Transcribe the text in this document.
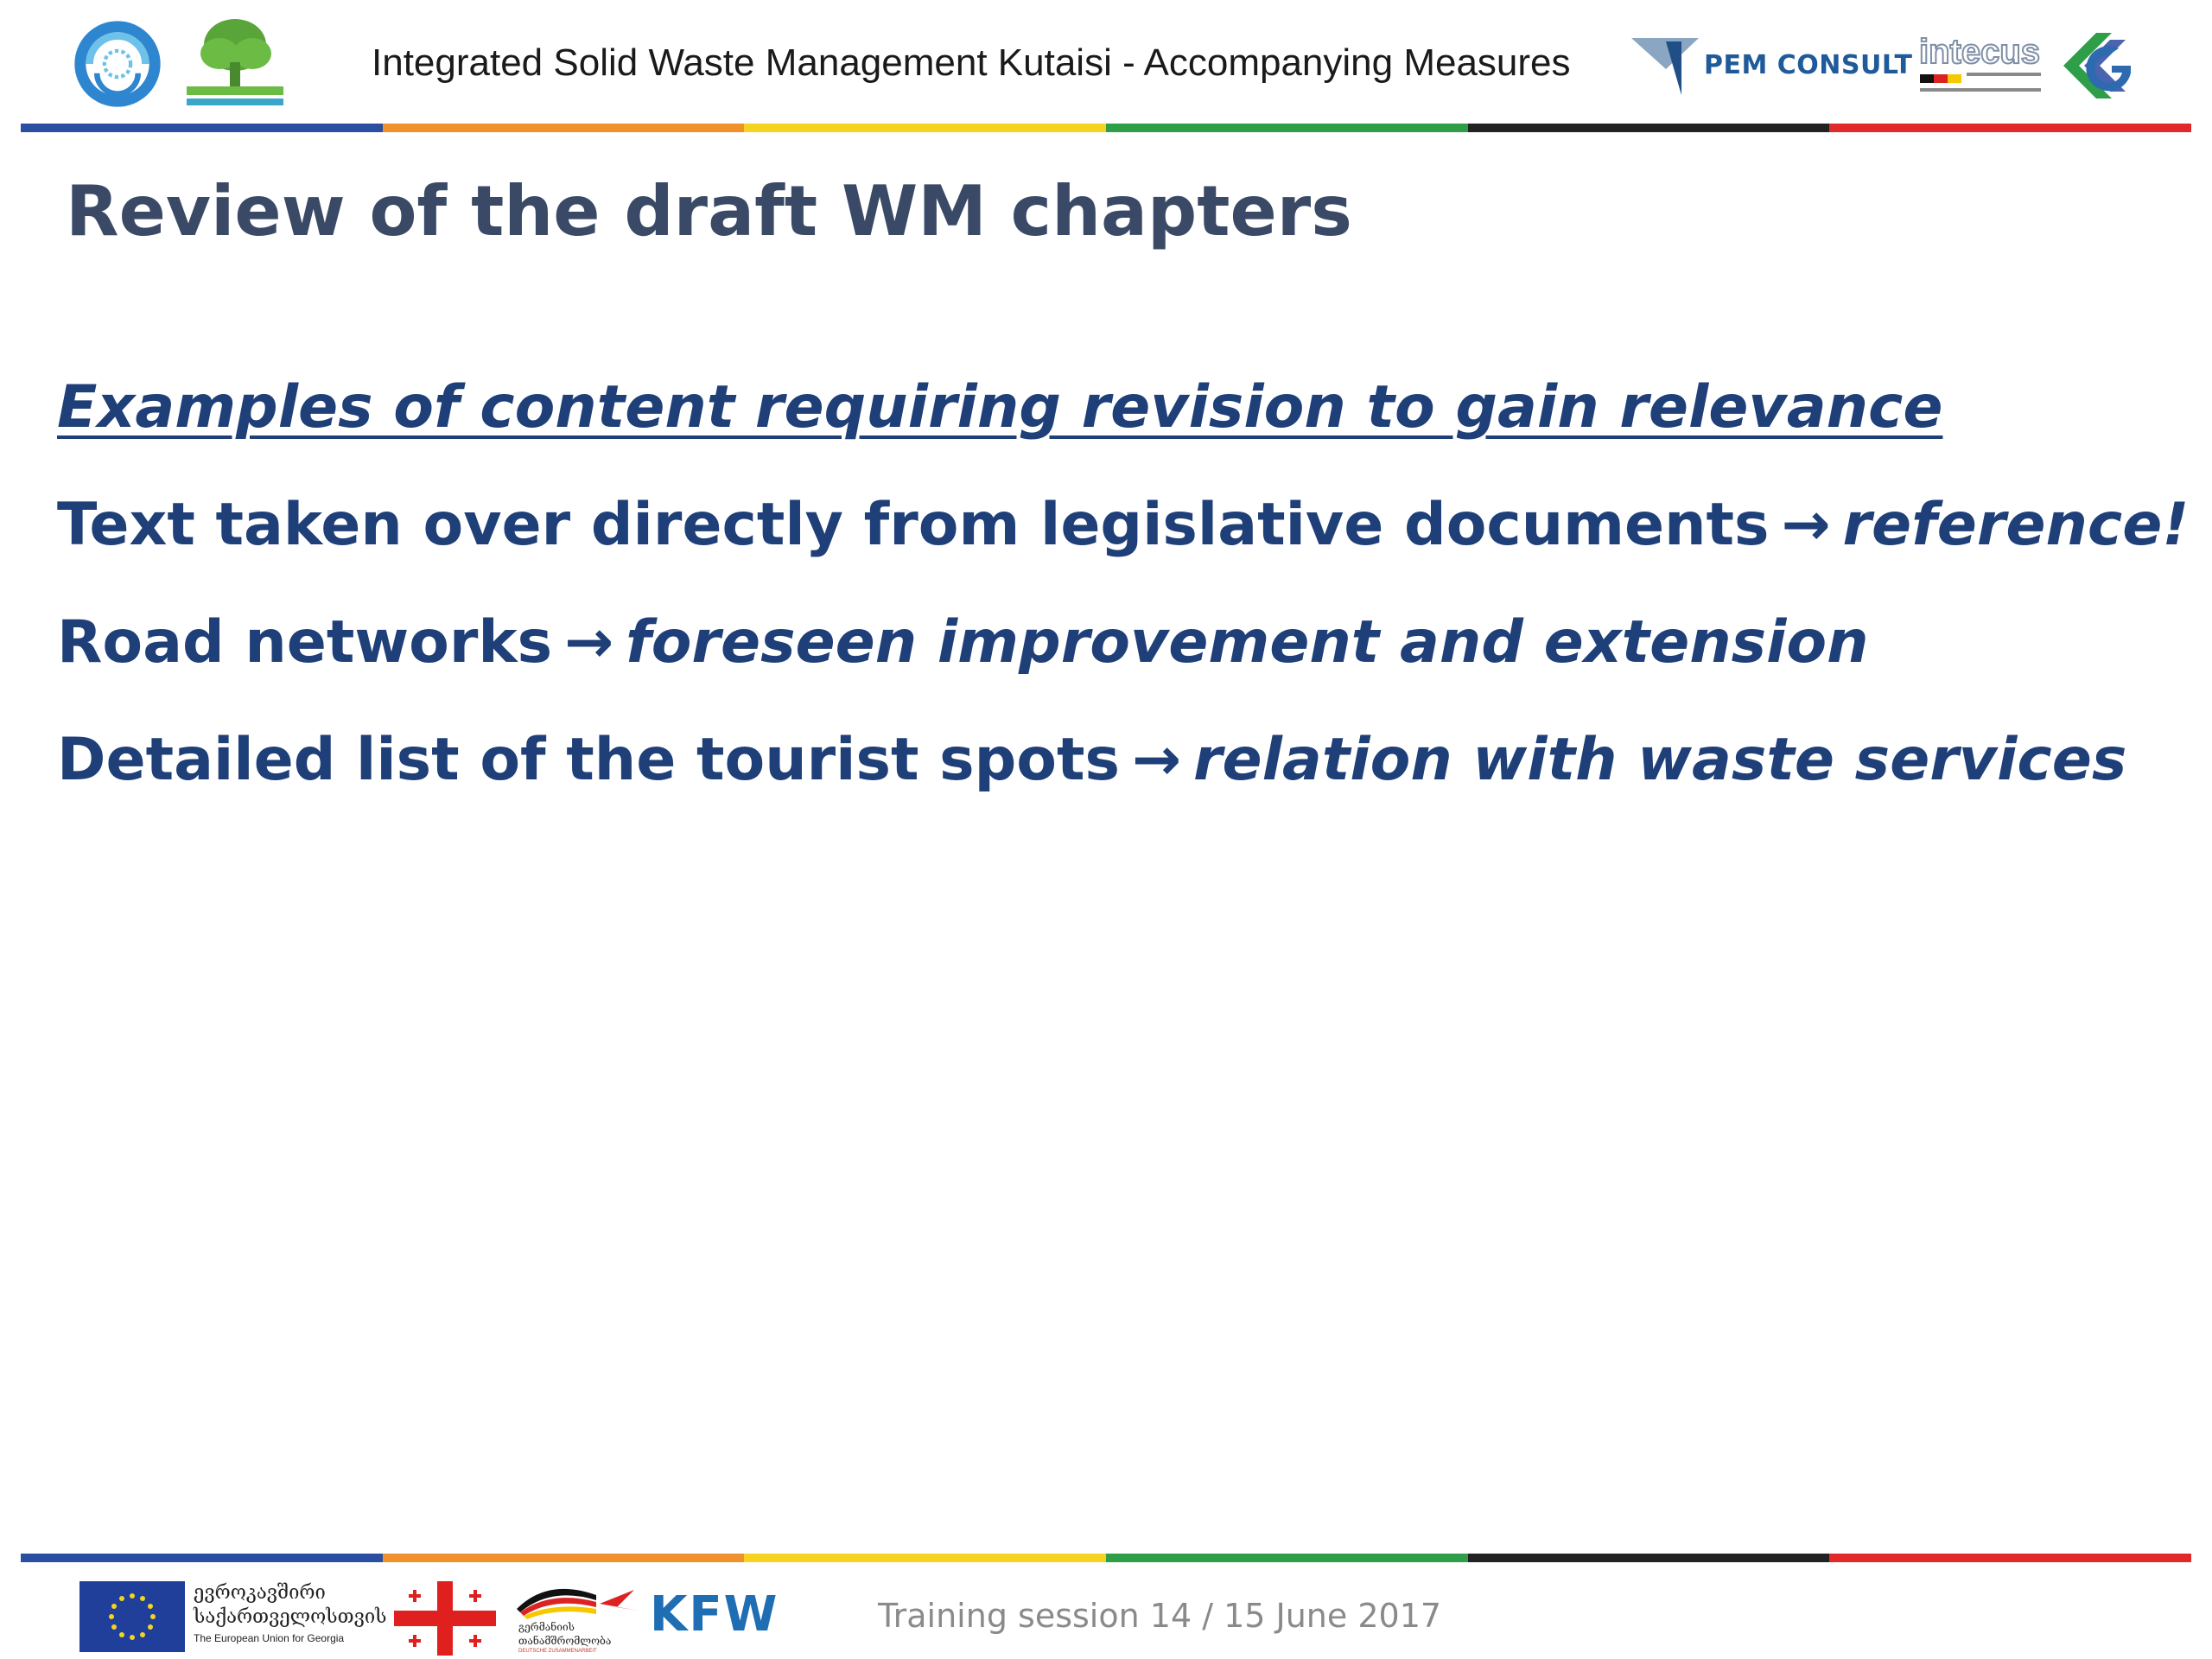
Integrated Solid Waste Management Kutaisi - Accompanying Measures	PEM CONSULT intecus
Review of the draft WM chapters
Examples of content requiring revision to gain relevance
Text taken over directly from legislative documents → reference!
Road networks → foreseen improvement and extension
Detailed list of the tourist spots → relation with waste services
ევროკავშირი
საქართველოსთვის
The European Union for Georgia
გერმანიის
თანამშრომლობა
DEUTSCHE ZUSAMMENARBEIT
KFW	Training session 14 / 15 June 2017
